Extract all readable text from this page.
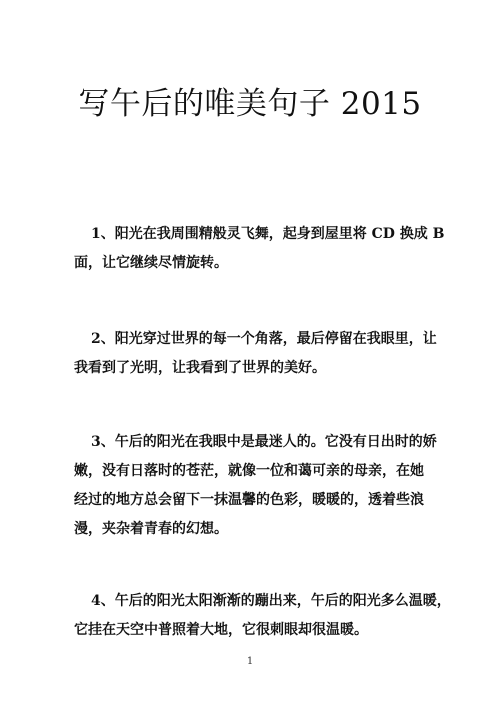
写午后的唯美句子 2015

1、阳光在我周围精般灵飞舞，起身到屋里将 CD 换成 B
面，让它继续尽情旋转。

2、阳光穿过世界的每一个角落，最后停留在我眼里，让
我看到了光明，让我看到了世界的美好。

3、午后的阳光在我眼中是最迷人的。它没有日出时的娇
嫩，没有日落时的苍茫，就像一位和蔼可亲的母亲，在她
经过的地方总会留下一抹温馨的色彩，暖暖的，透着些浪
漫，夹杂着青春的幻想。

4、午后的阳光太阳渐渐的蹦出来，午后的阳光多么温暖，
它挂在天空中普照着大地，它很刺眼却很温暖。

1
